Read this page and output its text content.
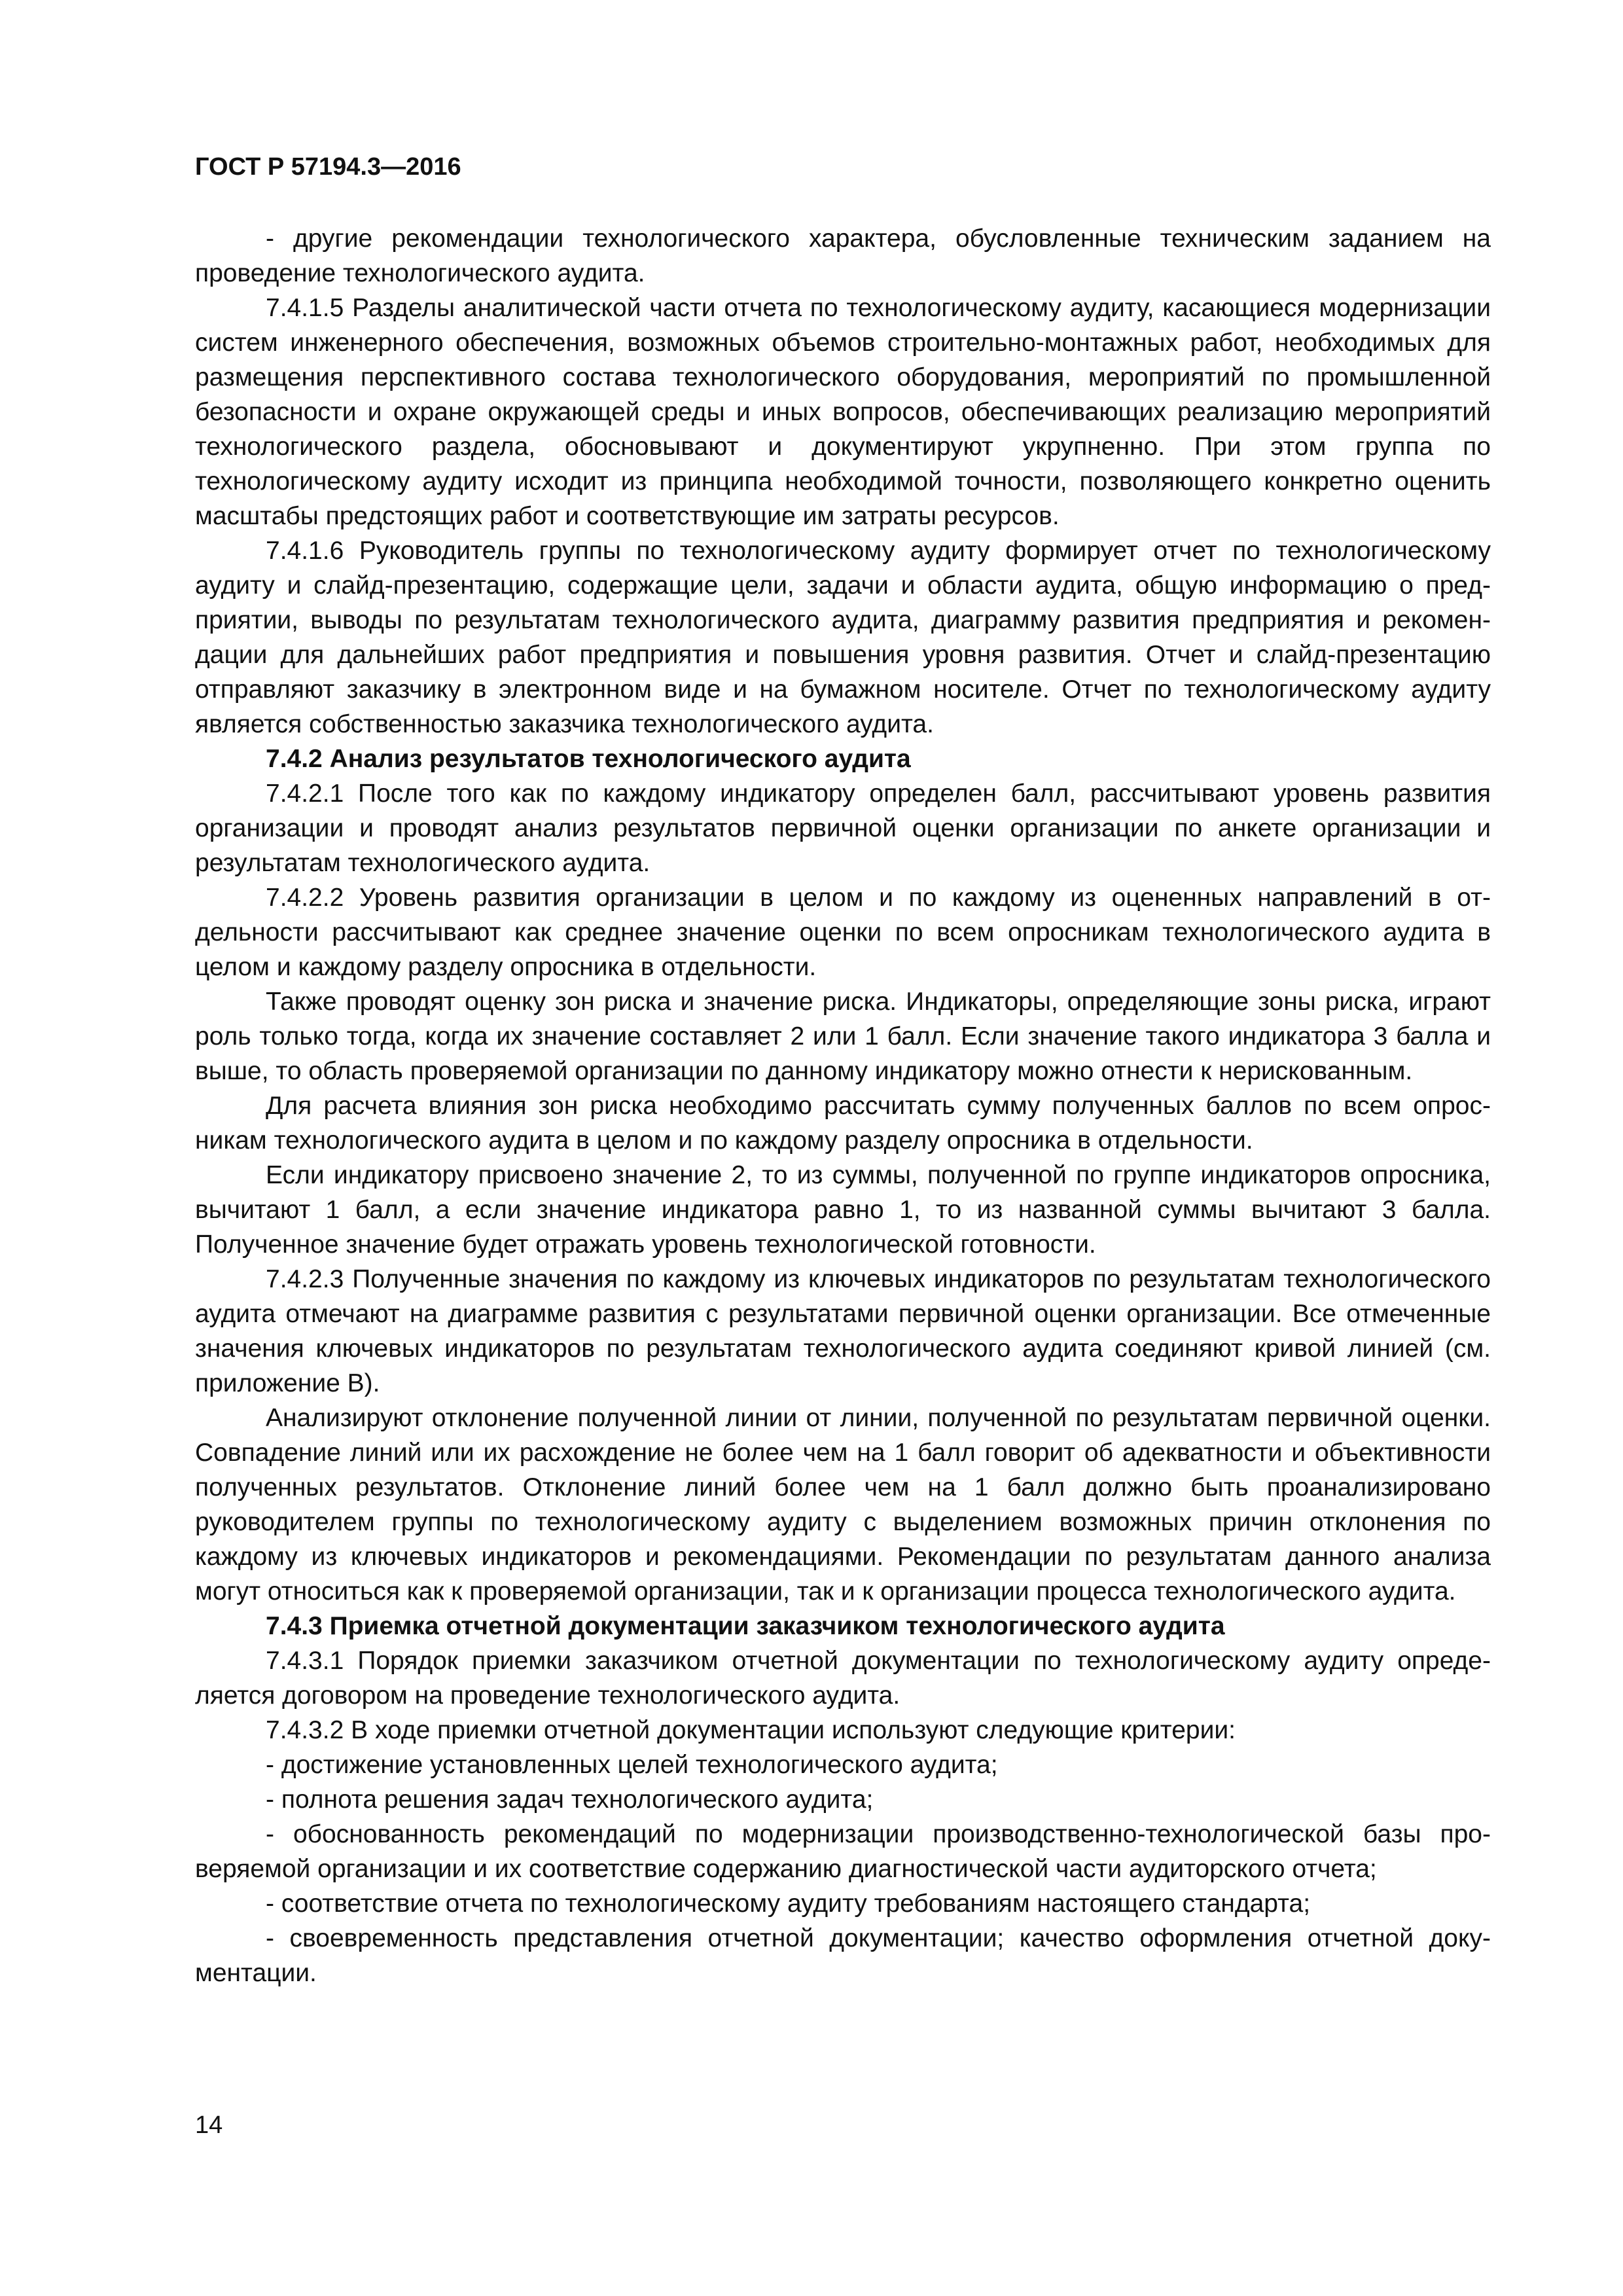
ГОСТ Р 57194.3—2016

- другие рекомендации технологического характера, обусловленные техническим заданием на проведение технологического аудита.

7.4.1.5 Разделы аналитической части отчета по технологическому аудиту, касающиеся модернизации систем инженерного обеспечения, возможных объемов строительно-монтажных работ, необходимых для размещения перспективного состава технологического оборудования, мероприятий по промышленной безопасности и охране окружающей среды и иных вопросов, обеспечивающих реализацию мероприятий технологического раздела, обосновывают и документируют укрупненно. При этом группа по технологическому аудиту исходит из принципа необходимой точности, позволяющего конкретно оценить масштабы предстоящих работ и соответствующие им затраты ресурсов.

7.4.1.6 Руководитель группы по технологическому аудиту формирует отчет по технологическому аудиту и слайд-презентацию, содержащие цели, задачи и области аудита, общую информацию о предприятии, выводы по результатам технологического аудита, диаграмму развития предприятия и рекомендации для дальнейших работ предприятия и повышения уровня развития. Отчет и слайд-презентацию отправляют заказчику в электронном виде и на бумажном носителе. Отчет по технологическому аудиту является собственностью заказчика технологического аудита.

7.4.2 Анализ результатов технологического аудита

7.4.2.1 После того как по каждому индикатору определен балл, рассчитывают уровень развития организации и проводят анализ результатов первичной оценки организации по анкете организации и результатам технологического аудита.

7.4.2.2 Уровень развития организации в целом и по каждому из оцененных направлений в отдельности рассчитывают как среднее значение оценки по всем опросникам технологического аудита в целом и каждому разделу опросника в отдельности.

Также проводят оценку зон риска и значение риска. Индикаторы, определяющие зоны риска, играют роль только тогда, когда их значение составляет 2 или 1 балл. Если значение такого индикатора 3 балла и выше, то область проверяемой организации по данному индикатору можно отнести к нерискованным.

Для расчета влияния зон риска необходимо рассчитать сумму полученных баллов по всем опросникам технологического аудита в целом и по каждому разделу опросника в отдельности.

Если индикатору присвоено значение 2, то из суммы, полученной по группе индикаторов опросника, вычитают 1 балл, а если значение индикатора равно 1, то из названной суммы вычитают 3 балла. Полученное значение будет отражать уровень технологической готовности.

7.4.2.3 Полученные значения по каждому из ключевых индикаторов по результатам технологического аудита отмечают на диаграмме развития с результатами первичной оценки организации. Все отмеченные значения ключевых индикаторов по результатам технологического аудита соединяют кривой линией (см. приложение В).

Анализируют отклонение полученной линии от линии, полученной по результатам первичной оценки. Совпадение линий или их расхождение не более чем на 1 балл говорит об адекватности и объективности полученных результатов. Отклонение линий более чем на 1 балл должно быть проанализировано руководителем группы по технологическому аудиту с выделением возможных причин отклонения по каждому из ключевых индикаторов и рекомендациями. Рекомендации по результатам данного анализа могут относиться как к проверяемой организации, так и к организации процесса технологического аудита.

7.4.3 Приемка отчетной документации заказчиком технологического аудита

7.4.3.1 Порядок приемки заказчиком отчетной документации по технологическому аудиту определяется договором на проведение технологического аудита.

7.4.3.2 В ходе приемки отчетной документации используют следующие критерии:

- достижение установленных целей технологического аудита;

- полнота решения задач технологического аудита;

- обоснованность рекомендаций по модернизации производственно-технологической базы проверяемой организации и их соответствие содержанию диагностической части аудиторского отчета;

- соответствие отчета по технологическому аудиту требованиям настоящего стандарта;

- своевременность представления отчетной документации; качество оформления отчетной документации.

14
